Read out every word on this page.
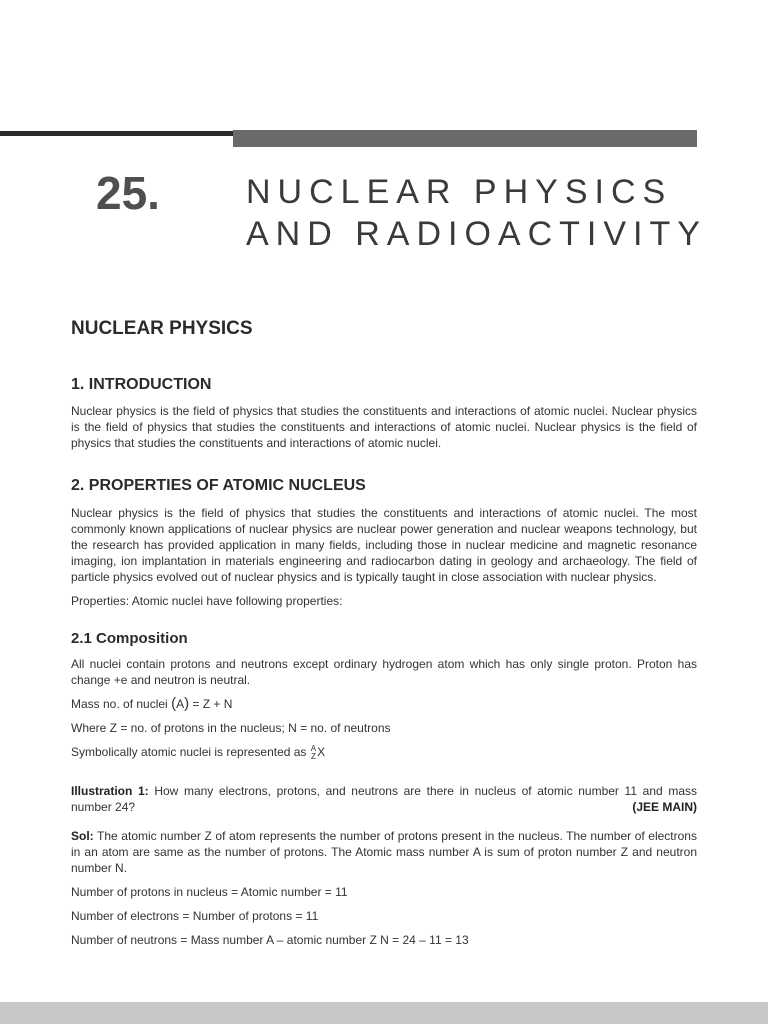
25.	NUCLEAR PHYSICS
AND RADIOACTIVITY
NUCLEAR PHYSICS
1. INTRODUCTION

Nuclear physics is the field of physics that studies the constituents and interactions of atomic nuclei. Nuclear physics is the field of physics that studies the constituents and interactions of atomic nuclei. Nuclear physics is the field of physics that studies the constituents and interactions of atomic nuclei.

2. PROPERTIES OF ATOMIC NUCLEUS

Nuclear physics is the field of physics that studies the constituents and interactions of atomic nuclei. The most commonly known applications of nuclear physics are nuclear power generation and nuclear weapons technology, but the research has provided application in many fields, including those in nuclear medicine and magnetic resonance imaging, ion implantation in materials engineering and radiocarbon dating in geology and archaeology. The field of particle physics evolved out of nuclear physics and is typically taught in close association with nuclear physics.

Properties: Atomic nuclei have following properties:

2.1 Composition

All nuclei contain protons and neutrons except ordinary hydrogen atom which has only single proton. Proton has change +e and neutron is neutral.

Mass no. of nuclei (A) = Z + N

Where Z = no. of protons in the nucleus; N = no. of neutrons

Symbolically atomic nuclei is represented as A
Z X

Illustration 1: How many electrons, protons, and neutrons are there in nucleus of atomic number 11 and mass number 24?	(JEE MAIN)

Sol: The atomic number Z of atom represents the number of protons present in the nucleus. The number of electrons in an atom are same as the number of protons. The Atomic mass number A is sum of proton number Z and neutron number N.

Number of protons in nucleus = Atomic number = 11

Number of electrons = Number of protons = 11

Number of neutrons = Mass number A – atomic number Z N = 24 – 11 = 13
